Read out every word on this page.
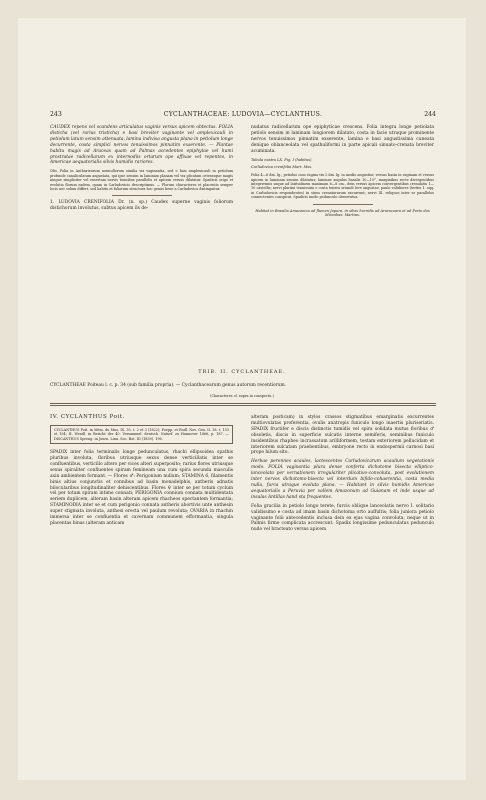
243	CYCLANTHACEAE: LUDOVIA—CYCLANTHUS.	244

CAUDEX repens vel scandens articulatus vaginis versus apicem obtectus. FOLIA disticha (vel rarius tristicha) e basi breviter vaginante vel amplexicauli in petiolum latum sensim attenuata, lamina indivisa angusta plana in petiolum longe decurrente, costa simplici nervos tenuissimos pinnatim exserente. — Plantae habitu magis ad Araceas quam ad Palmas accedentes epiphytae vel humi prostratae radicellarum ex internodiis ortarum ope affixae vel repentes, in Americae aequatorialis silvis humidis rariores.

Obs. Folia in Anthurieorum nonnullorum similia vix vaginantia, sed e basi amplexicauli in petiolum profunde canaliculatum angustata, qui ipse sensim in laminam planam vel vix plicatam ceterasque magis ningue simpliciter vel exsertam nervis tenuibus parallelis et apicem versus dilatatur. Spadicis origo et evolutio florum eadem, quam in Carludovicis descriptimus. — Florum characteres et placentis semper locis nec solum differt, sed habitu et foliorum structura hoc genus bene a Carludovica distinguitur.

1. LUDOVIA CRENIFOLIA Dr. (n. sp.) Caudex superne vaginis foliorum distichorum involutus, subtus apicem ils de-

nudatus radicellarum ope epiphyticae crescens. Folia integra longe petiolata petiolo sensim in laminam longiorem dilatato, costa in facie utraque prominente nervos tenuissimos pinnatim exserente, lamina e basi angustissima cuneata denique oblanceolata vel spathuliformi in parte apicali sinuato-crenata breviter acuminata.

Tabula nostra LX. Fig. I (habitus).

Carludovica crenifolia Mart. Mss.

Folia 4—6 dm. lg.; petiolus cum vagina vix 2 dm. lg. in medio angustior, versus basin in vaginam et versus apicem in laminam sensim dilatatus; laminae angulus basalis 10—15°, marginibus recte divergentibus integerrimis usque ad latitudinem maximam 6—8 cm., dein versus apicem convergentibus crenulatis 1—10 castellis; nervi plurimi tenuissimi e costa tenera oriundi leve angustae, paulo validiores (tertiis 1. sqq. in Carludovicis respondentes) in sinus crenaturarum excurrunt; nervi III. reliquos inter se parallelos connectentes conspicui. Spadicis modo pedunculo observatus.

Habitat in Brasilia Amazonica ad flumen Japura, in silvis horridis ad Araracoara et ad Porto dos Miranhas: Martius.

TRIB. II. CYCLANTHEAE.
CYCLANTHEAE Poiteau l. c. p. 34 (sub familia propria). — Cyclanthacearum genus autorum recentiorum.
(Characteres cf. supra in conspectu.)
IV. CYCLANTHUS Poit.
CYCLANTHUS Poit. in Mém. du Mus. IX. 35. t. 2 et 3 (1822); Poepp. et Endl. Nov. Gen. II. 38. t. 153 et 154; H. Wendl. in Bericht der 40. Versammel. deutsch. Naturf. zu Hannover 1866, p. 187. — DISCANTHUS Spreng. in Journ. Linn. Soc. Bot. III (1859). 196.

SPADIX inter folia terminalis longe pedunculatus, rhachi ellipsoidea spathis pluribus involuta, floribus utriusque sexus dense verticillatis inter se confluentibus, verticillo altero per vices alteri superposito; rarius flores utriusque sexus spiraliter confluentes spiram femineam una cum spira secunda masculis axin ambientem formant. — Flores ♂: Perigonium nullum; STAMINA 6, filamentis binis altius conjunctis et connibus ad basin monadelphis, antheris adnatis bilocularibus longitudinaliter dehiscentibus. Flores ♀ inter se per totum cyclum vel per totam spiram intime connati; PERIGONIA connium connata multidentata seriem duplicem, alteram basin alteram apicem rhacheos spectantem formantia; STAMINODIA inter se et cum perigonio connata antheris abortivis unte anthesin super stigmata involuta, anthesi erecta vel paulum revoluta; OVARIA in rhachin immersa inter se confluentia et cavernam communem efformantia, singula placentas binas (alteram anticam

alteram posticam) in stylos crassos stigmatibus emarginatis excurrentes multiovulatas proferentia, ovulis anatropis funiculo longo inaertis pluriseriatis. SPADIX fructifer e discis distinctis tumidis vel spira solidata mutus floribus ♂ obsoletis, discis in superficie sulcatis interne semiferis, seminibus funiculo insidentibus rhapheo incrassatum arilliformem, testam exteriorem pellucidam et interiorem sulcatam praebentibus, embryone recto in endospermii carnosi basi prope hilum sito.

Herbae perennes acaules, lactescentes Carludovicarum acaulium vegetationis modo. FOLIA vaginantia plura dense conferta dichotome bisecta elliptico-lanceolata per vernationem irregulariter plicativo-convoluta, post evolutionem inter nervos dichotomo-bisecta vel interdum bifido-cohaerentia, costa media nulla, furca utraque evoluta plana. — Habitant in silvis humidis Americae aequatorialis a Peruvia per vallem Amazonum ad Guianam et inde usque ad insulas Antillas hand sta frequentes.

Folia gracilia in petiolo longo terete, furcis oblique lanceolatis nervo I. solitario validissimo e costa ad imam basin dichotoma orto auffultis; folia juniora petiolo vaginante folii antecedentis inclusa dein ex ejus vagina convoluta, neque ut in Palmis firme complicata accrescunt. Spadix longissime pedunculatus pedunculo nudo vel bracteato versus apicem
